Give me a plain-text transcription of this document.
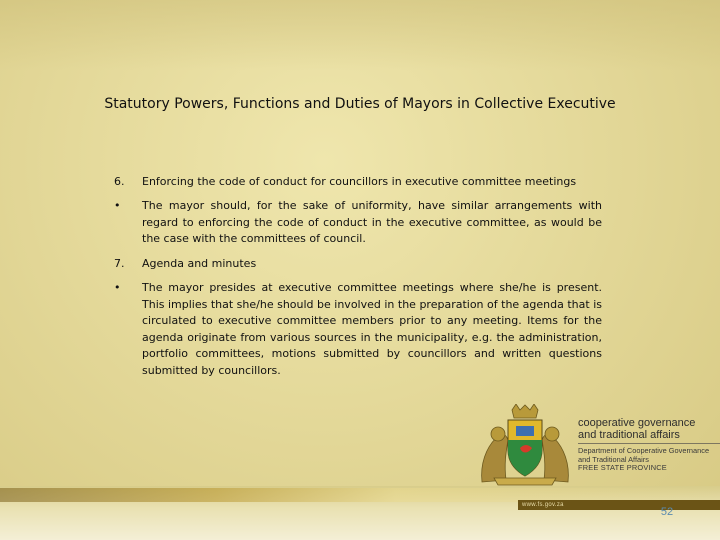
Statutory Powers, Functions and Duties of Mayors in Collective Executive
6.	Enforcing the code of conduct for councillors in executive committee meetings
•	The mayor should, for the sake of uniformity, have similar arrangements with regard to enforcing the code of conduct in the executive committee, as would be the case with the committees of council.
7.	Agenda and minutes
•	The mayor presides at executive committee meetings where she/he is present. This implies that she/he should be involved in the preparation of the agenda that is circulated to executive committee members prior to any meeting. Items for the agenda originate from various sources in the municipality, e.g. the administration, portfolio committees, motions submitted by councillors and written questions submitted by councillors.
cooperative governance
and traditional affairs
Department of Cooperative Governance
and Traditional Affairs
FREE STATE PROVINCE
www.fs.gov.za
52
